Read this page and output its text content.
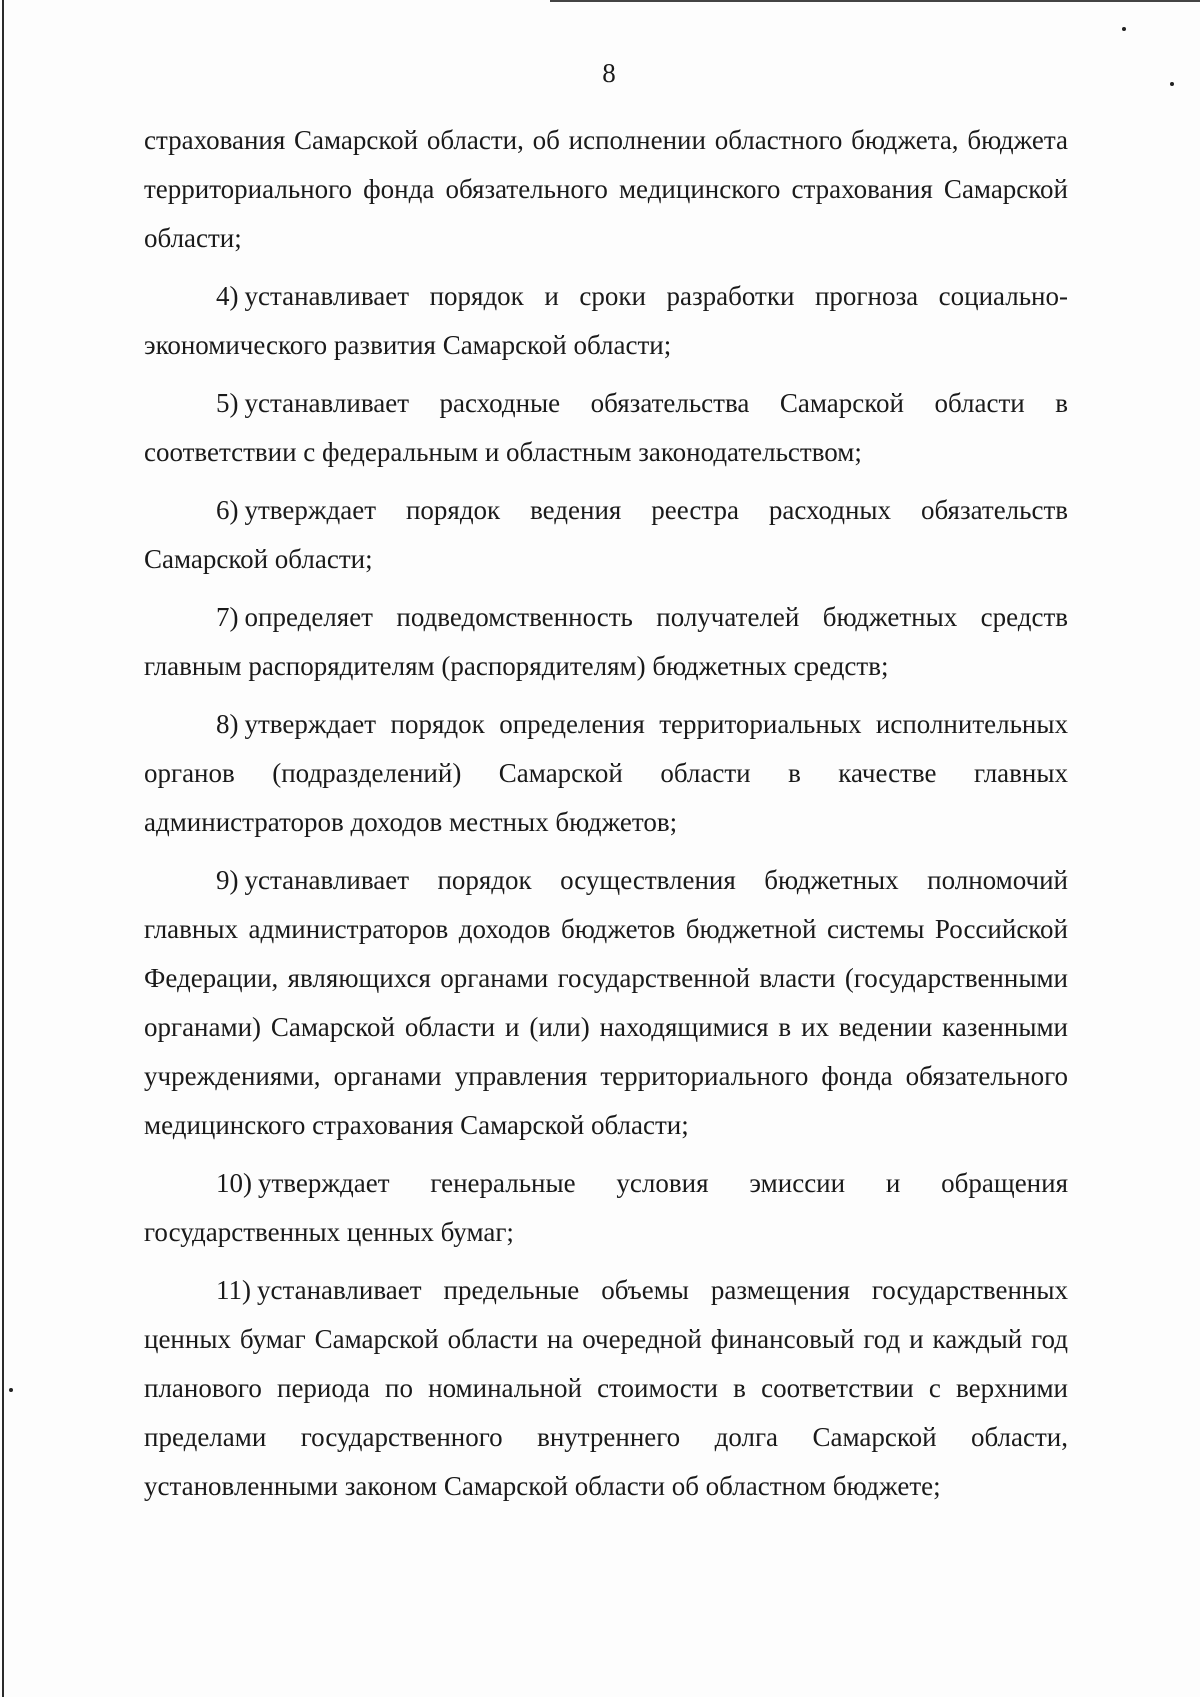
8

страхования Самарской области, об исполнении областного бюджета, бюджета территориального фонда обязательного медицинского страхования Самарской области;

4) устанавливает порядок и сроки разработки прогноза социально-экономического развития Самарской области;

5) устанавливает расходные обязательства Самарской области в соответствии с федеральным и областным законодательством;

6) утверждает порядок ведения реестра расходных обязательств Самарской области;

7) определяет подведомственность получателей бюджетных средств главным распорядителям (распорядителям) бюджетных средств;

8) утверждает порядок определения территориальных исполнительных органов (подразделений) Самарской области в качестве главных администраторов доходов местных бюджетов;

9) устанавливает порядок осуществления бюджетных полномочий главных администраторов доходов бюджетов бюджетной системы Российской Федерации, являющихся органами государственной власти (государственными органами) Самарской области и (или) находящимися в их ведении казенными учреждениями, органами управления территориального фонда обязательного медицинского страхования Самарской области;

10) утверждает генеральные условия эмиссии и обращения государственных ценных бумаг;

11) устанавливает предельные объемы размещения государственных ценных бумаг Самарской области на очередной финансовый год и каждый год планового периода по номинальной стоимости в соответствии с верхними пределами государственного внутреннего долга Самарской области, установленными законом Самарской области об областном бюджете;
